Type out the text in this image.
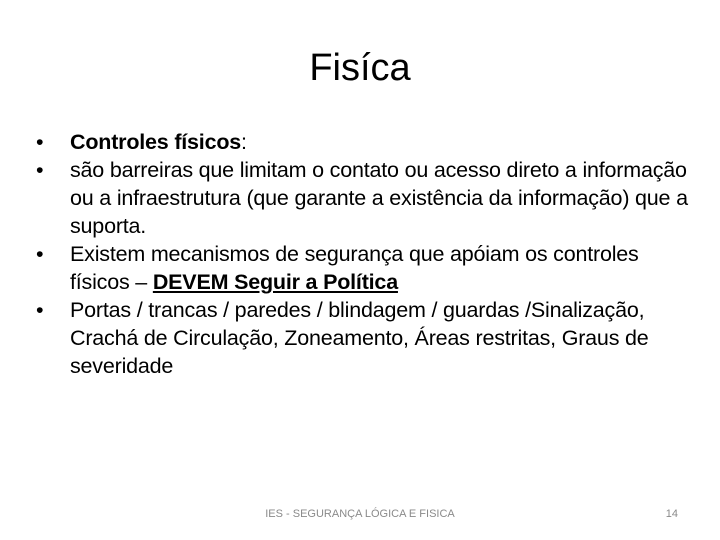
Fisíca
•	Controles físicos:
•	são barreiras que limitam o contato ou acesso direto a informação ou a infraestrutura (que garante a existência da informação) que a suporta.
•	Existem mecanismos de segurança que apóiam os controles físicos – DEVEM Seguir a Política
•	Portas / trancas / paredes / blindagem / guardas /Sinalização, Crachá de Circulação, Zoneamento, Áreas restritas, Graus de severidade
IES - SEGURANÇA LÓGICA E FISICA	14
